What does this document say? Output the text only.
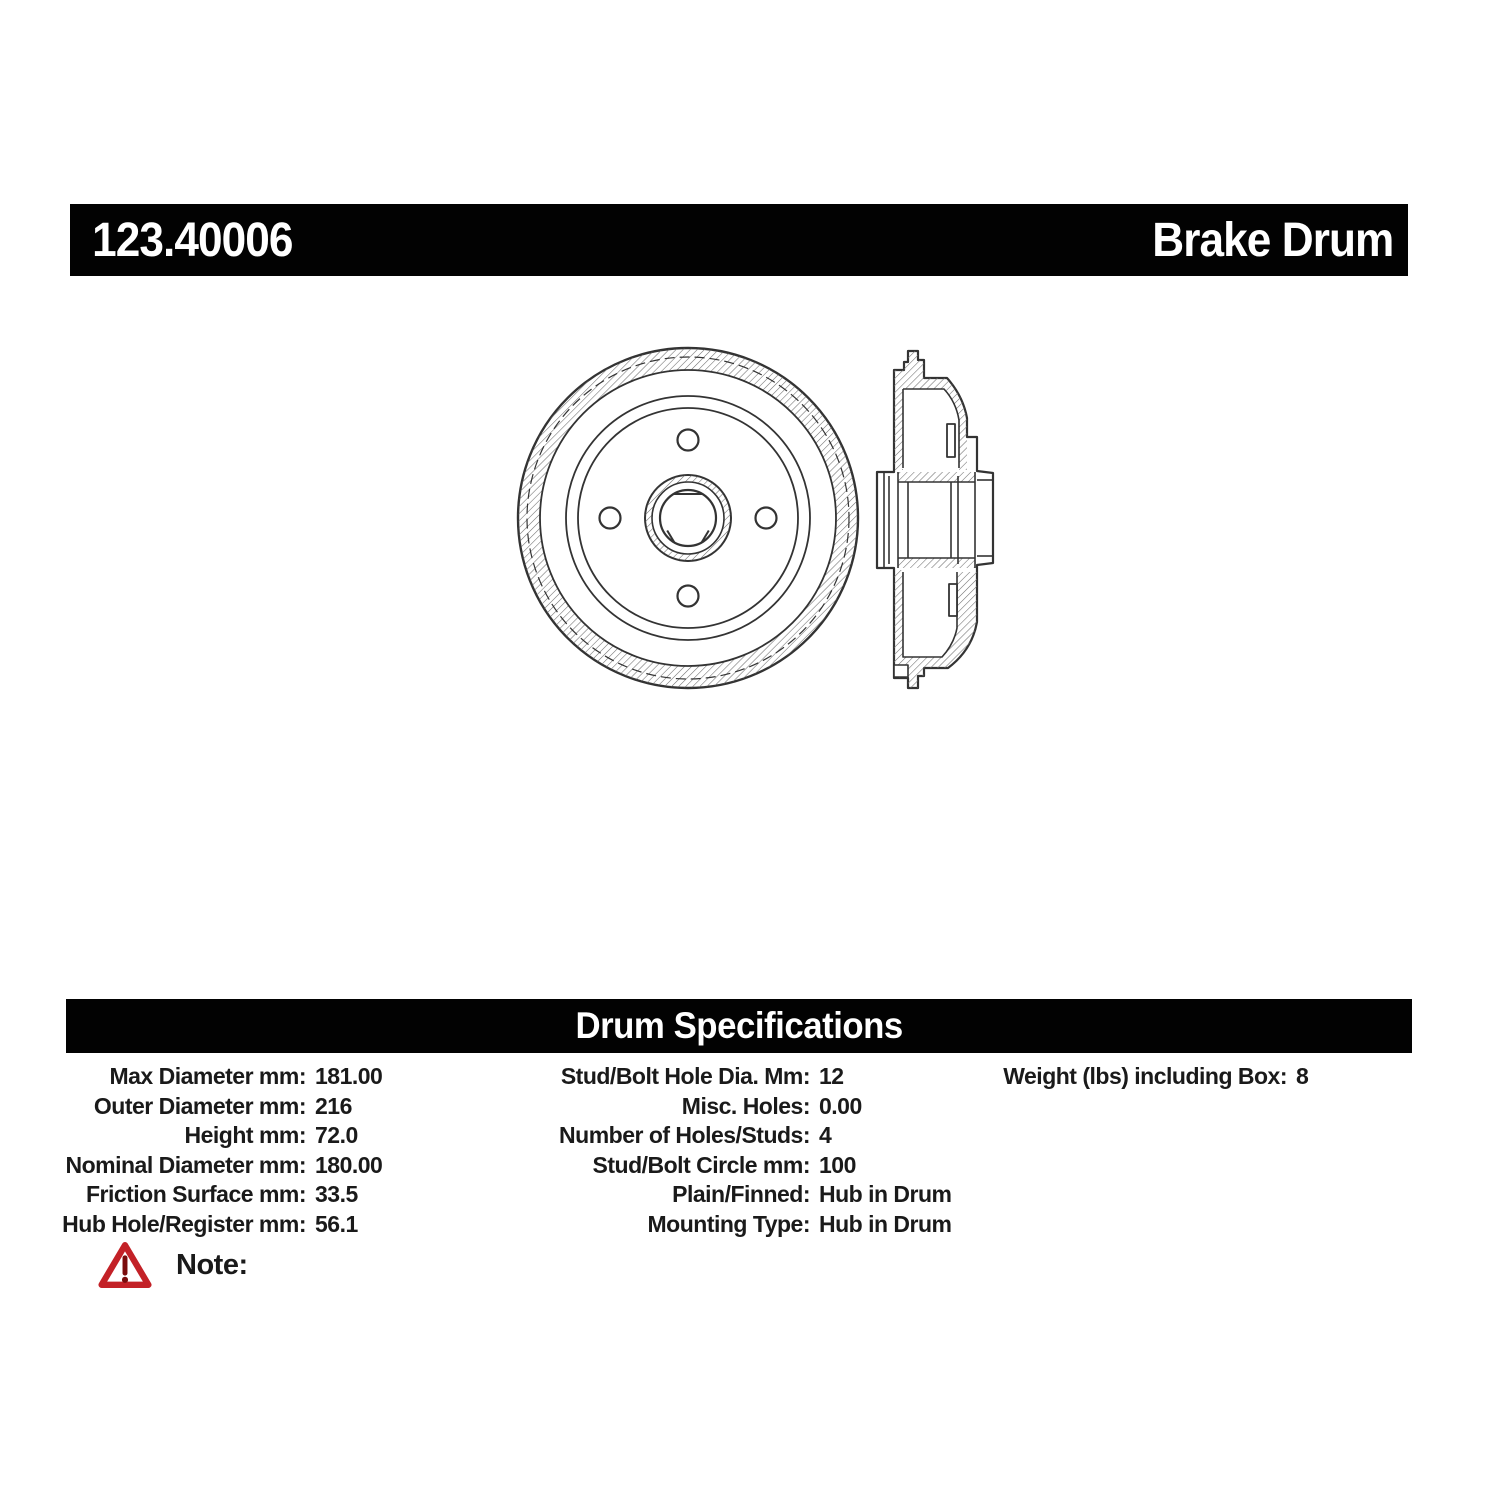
123.40006	Brake Drum
Drum Specifications
Max Diameter mm: 181.00
Outer Diameter mm: 216
Height mm: 72.0
Nominal Diameter mm: 180.00
Friction Surface mm: 33.5
Hub Hole/Register mm: 56.1
Stud/Bolt Hole Dia. Mm: 12
Misc. Holes: 0.00
Number of Holes/Studs: 4
Stud/Bolt Circle mm: 100
Plain/Finned: Hub in Drum
Mounting Type: Hub in Drum
Weight (lbs) including Box: 8
Note:
